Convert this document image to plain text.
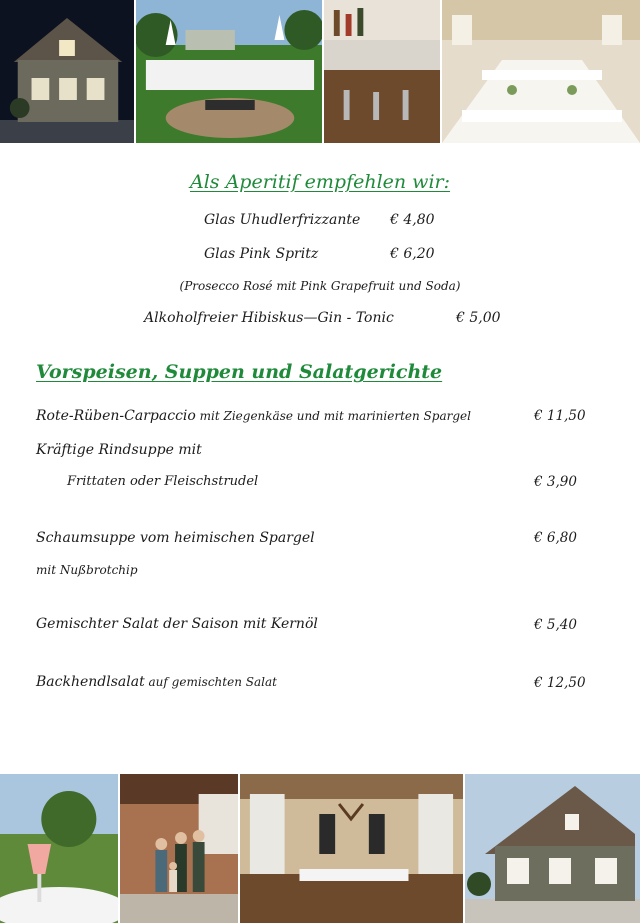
Als Aperitif empfehlen wir:
Glas Uhudlerfrizzante € 4,80
Glas Pink Spritz	€ 6,20
(Prosecco Rosé mit Pink Grapefruit und Soda)
Alkoholfreier Hibiskus—Gin - Tonic	€ 5,00
Vorspeisen, Suppen und Salatgerichte
Rote-Rüben-Carpaccio mit Ziegenkäse und mit marinierten Spargel	€ 11,50
Kräftige Rindsuppe mit
Frittaten oder Fleischstrudel	€ 3,90
Schaumsuppe vom heimischen Spargel	€ 6,80
mit Nußbrotchip
Gemischter Salat der Saison mit Kernöl	€ 5,40
Backhendlsalat auf gemischten Salat	€ 12,50
